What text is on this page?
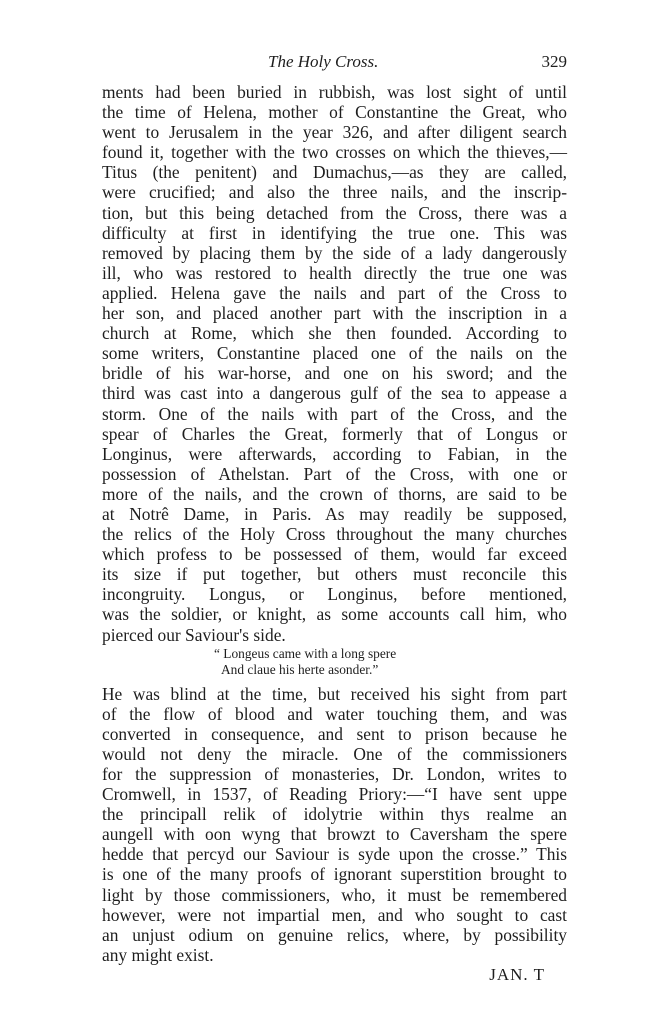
The Holy Cross.	329

ments had been buried in rubbish, was lost sight of until
the time of Helena, mother of Constantine the Great, who
went to Jerusalem in the year 326, and after diligent search
found it, together with the two crosses on which the thieves,—
Titus (the penitent) and Dumachus,—as they are called,
were crucified; and also the three nails, and the inscrip-
tion, but this being detached from the Cross, there was a
difficulty at first in identifying the true one. This was
removed by placing them by the side of a lady dangerously
ill, who was restored to health directly the true one was
applied. Helena gave the nails and part of the Cross to
her son, and placed another part with the inscription in a
church at Rome, which she then founded. According to
some writers, Constantine placed one of the nails on the
bridle of his war-horse, and one on his sword; and the
third was cast into a dangerous gulf of the sea to appease a
storm. One of the nails with part of the Cross, and the
spear of Charles the Great, formerly that of Longus or
Longinus, were afterwards, according to Fabian, in the
possession of Athelstan. Part of the Cross, with one or
more of the nails, and the crown of thorns, are said to be
at Notrê Dame, in Paris. As may readily be supposed,
the relics of the Holy Cross throughout the many churches
which profess to be possessed of them, would far exceed
its size if put together, but others must reconcile this
incongruity. Longus, or Longinus, before mentioned,
was the soldier, or knight, as some accounts call him, who
pierced our Saviour's side.

“ Longeus came with a long spere
And claue his herte asonder.”

He was blind at the time, but received his sight from part
of the flow of blood and water touching them, and was
converted in consequence, and sent to prison because he
would not deny the miracle. One of the commissioners
for the suppression of monasteries, Dr. London, writes to
Cromwell, in 1537, of Reading Priory:—“I have sent uppe
the principall relik of idolytrie within thys realme an
aungell with oon wyng that browzt to Caversham the spere
hedde that percyd our Saviour is syde upon the crosse.” This
is one of the many proofs of ignorant superstition brought to
light by those commissioners, who, it must be remembered
however, were not impartial men, and who sought to cast
an unjust odium on genuine relics, where, by possibility
any might exist.

JAN. T
